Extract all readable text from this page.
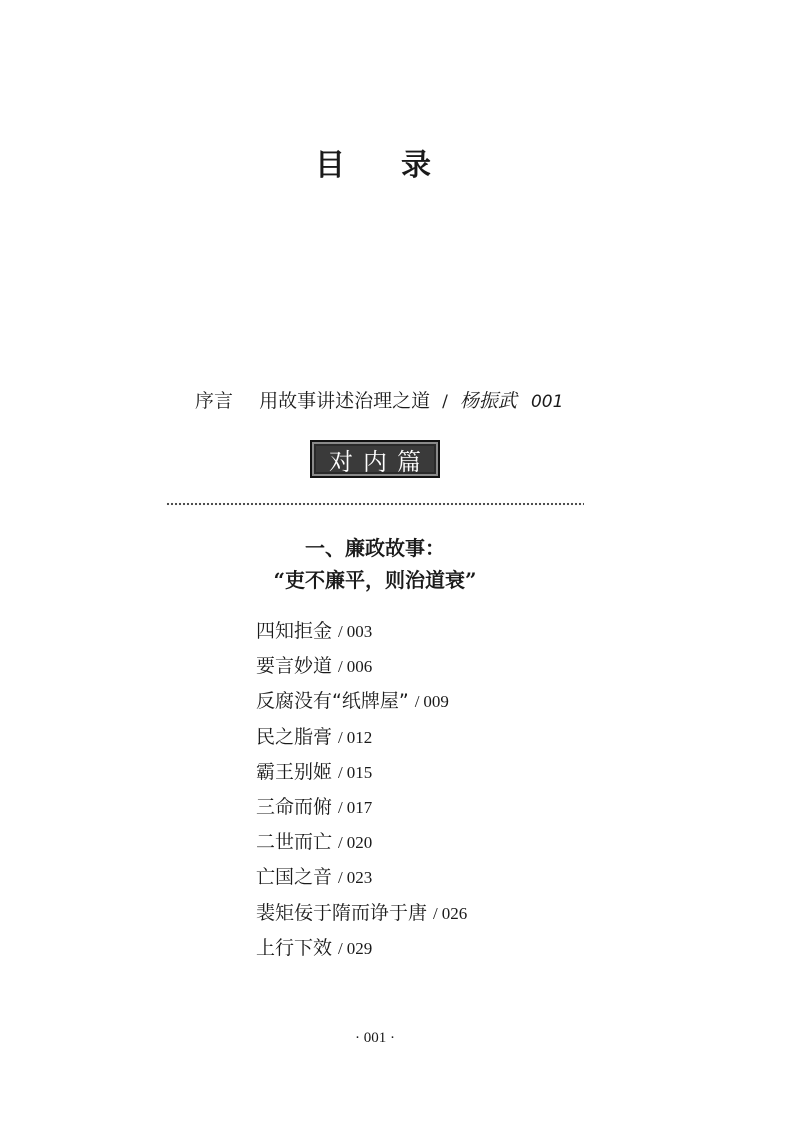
目 录
序言 用故事讲述治理之道 / 杨振武 001
对内篇
一、廉政故事：
“吏不廉平，则治道衰”
四知拒金 / 003
要言妙道 / 006
反腐没有“纸牌屋” / 009
民之脂膏 / 012
霸王别姬 / 015
三命而俯 / 017
二世而亡 / 020
亡国之音 / 023
裴矩佞于隋而诤于唐 / 026
上行下效 / 029
· 001 ·
